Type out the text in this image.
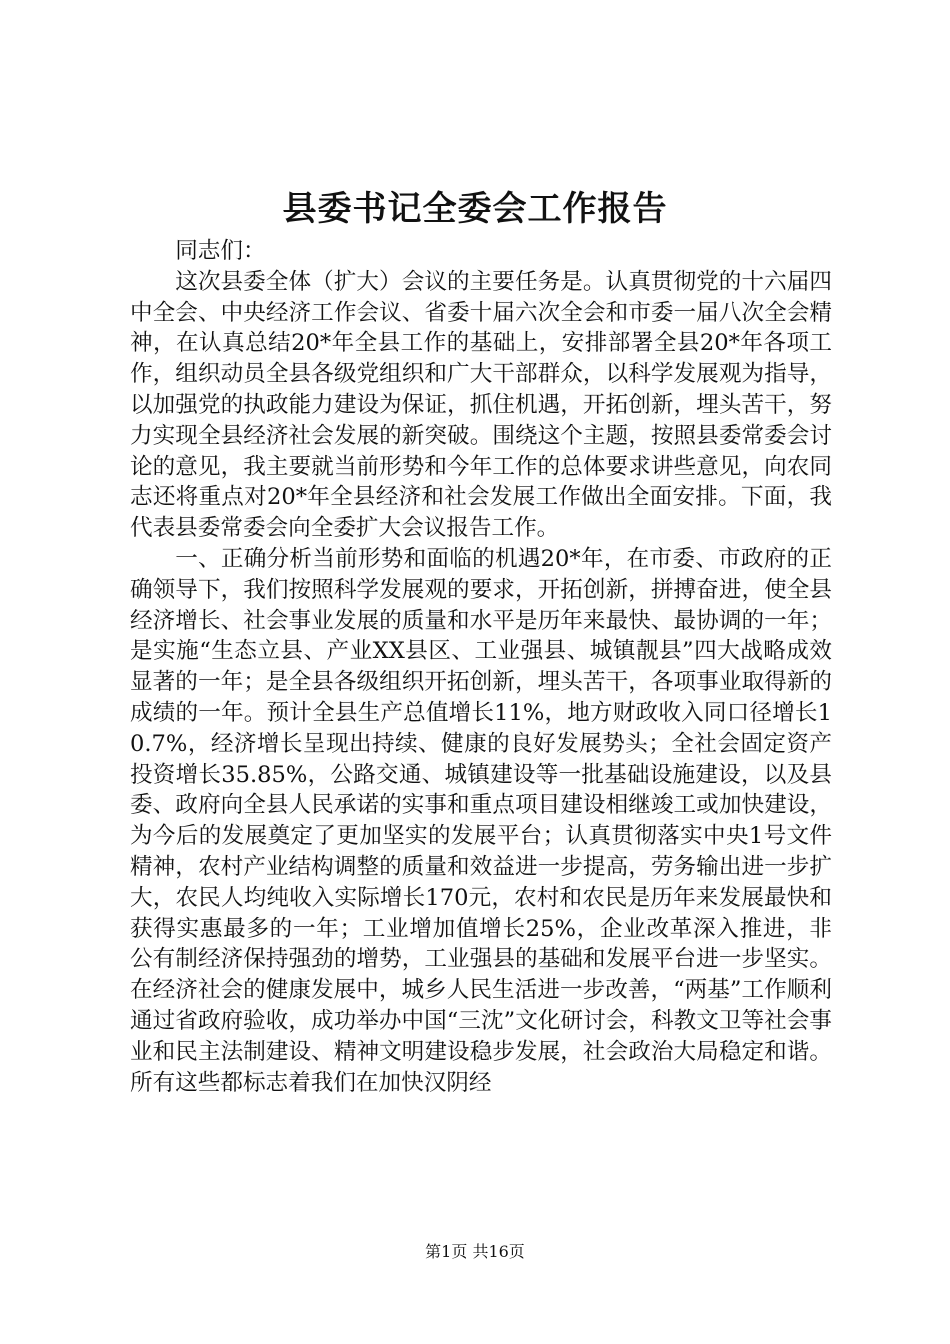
县委书记全委会工作报告

同志们：

这次县委全体（扩大）会议的主要任务是。认真贯彻党的十六届四中全会、中央经济工作会议、省委十届六次全会和市委一届八次全会精神，在认真总结20*年全县工作的基础上，安排部署全县20*年各项工作，组织动员全县各级党组织和广大干部群众，以科学发展观为指导，以加强党的执政能力建设为保证，抓住机遇，开拓创新，埋头苦干，努力实现全县经济社会发展的新突破。围绕这个主题，按照县委常委会讨论的意见，我主要就当前形势和今年工作的总体要求讲些意见，向农同志还将重点对20*年全县经济和社会发展工作做出全面安排。下面，我代表县委常委会向全委扩大会议报告工作。

一、正确分析当前形势和面临的机遇20*年，在市委、市政府的正确领导下，我们按照科学发展观的要求，开拓创新，拼搏奋进，使全县经济增长、社会事业发展的质量和水平是历年来最快、最协调的一年；是实施“生态立县、产业XX县区、工业强县、城镇靓县”四大战略成效显著的一年；是全县各级组织开拓创新，埋头苦干，各项事业取得新的成绩的一年。预计全县生产总值增长11%，地方财政收入同口径增长10.7%，经济增长呈现出持续、健康的良好发展势头；全社会固定资产投资增长35.85%，公路交通、城镇建设等一批基础设施建设，以及县委、政府向全县人民承诺的实事和重点项目建设相继竣工或加快建设，为今后的发展奠定了更加坚实的发展平台；认真贯彻落实中央1号文件精神，农村产业结构调整的质量和效益进一步提高，劳务输出进一步扩大，农民人均纯收入实际增长170元，农村和农民是历年来发展最快和获得实惠最多的一年；工业增加值增长25%，企业改革深入推进，非公有制经济保持强劲的增势，工业强县的基础和发展平台进一步坚实。在经济社会的健康发展中，城乡人民生活进一步改善，“两基”工作顺利通过省政府验收，成功举办中国“三沈”文化研讨会，科教文卫等社会事业和民主法制建设、精神文明建设稳步发展，社会政治大局稳定和谐。所有这些都标志着我们在加快汉阴经

第1页 共16页
